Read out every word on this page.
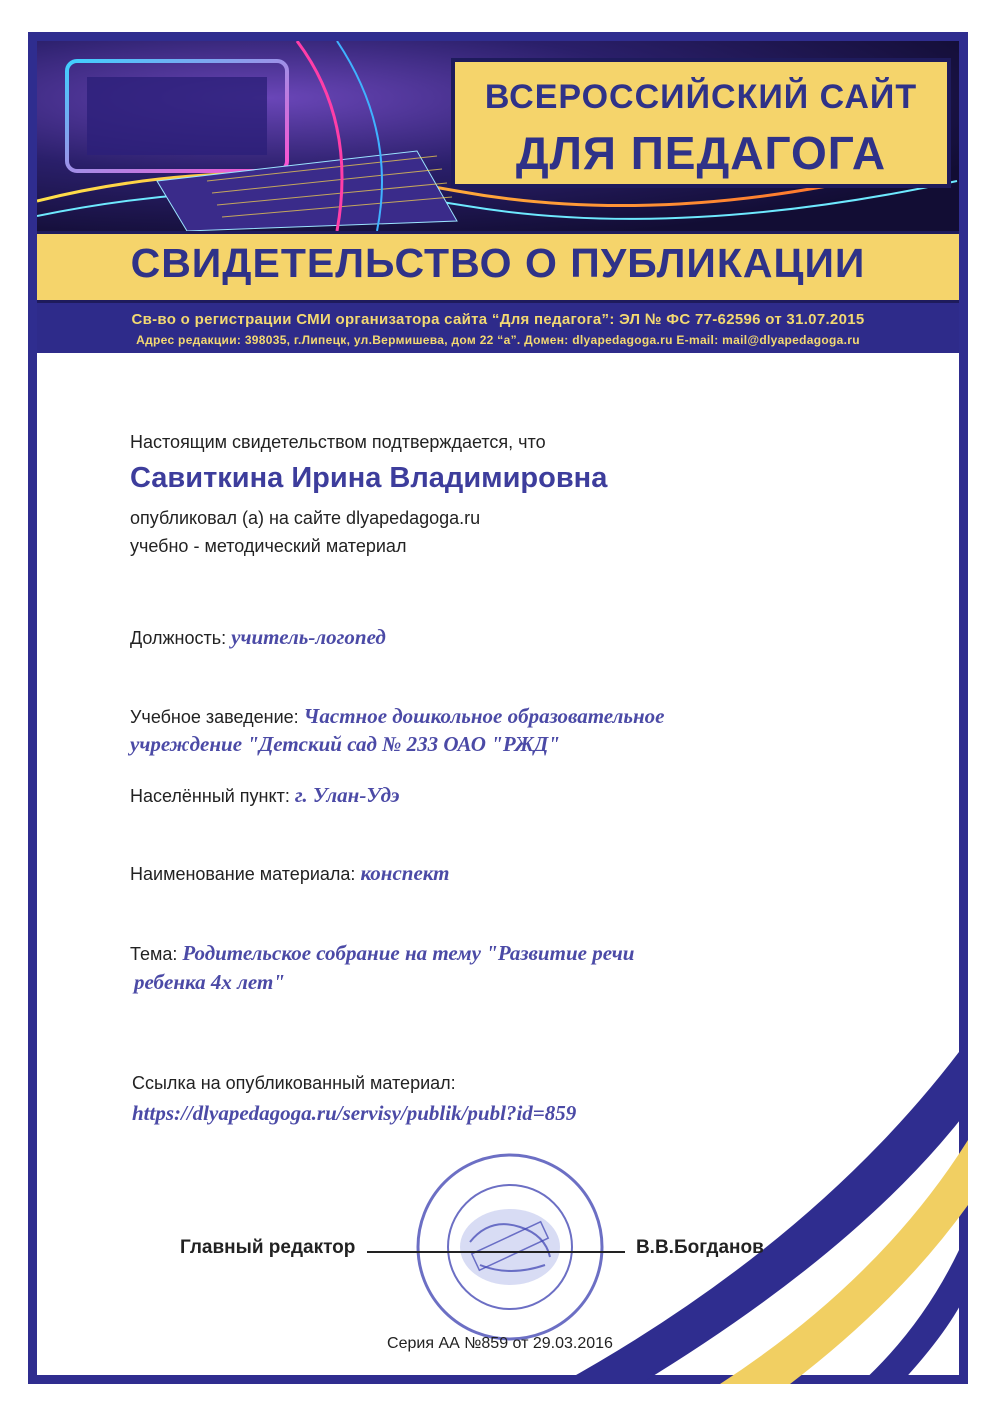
ВСЕРОССИЙСКИЙ САЙТ
ДЛЯ ПЕДАГОГА
СВИДЕТЕЛЬСТВО О ПУБЛИКАЦИИ
Св-во о регистрации СМИ организатора сайта “Для педагога”: ЭЛ № ФС 77-62596 от 31.07.2015
Адрес редакции: 398035, г.Липецк, ул.Вермишева, дом 22 “а”. Домен: dlyapedagoga.ru E-mail: mail@dlyapedagoga.ru
Настоящим свидетельством подтверждается, что
Савиткина Ирина Владимировна
опубликовал (а) на сайте dlyapedagoga.ru
учебно - методический материал
Должность: учитель-логопед
Учебное заведение: Частное дошкольное образовательное
учреждение "Детский сад № 233 ОАО "РЖД"
Населённый пункт: г. Улан-Удэ
Наименование материала: конспект
Тема: Родительское собрание на тему "Развитие речи
ребенка 4х лет"
Ссылка на опубликованный материал:
https://dlyapedagoga.ru/servisy/publik/publ?id=859
Главный редактор	В.В.Богданов
Серия АА №859 от 29.03.2016
